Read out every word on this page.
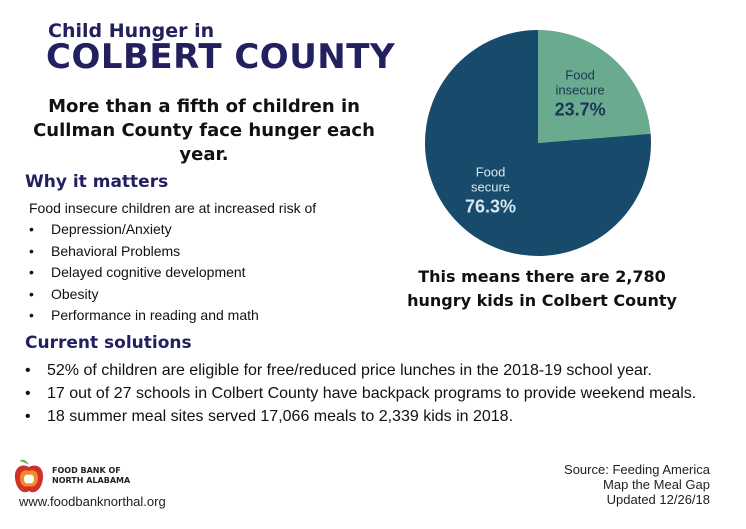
Child Hunger in
COLBERT COUNTY
More than a fifth of children in Cullman County face hunger each year.
Why it matters
Food insecure children are at increased risk of
• Depression/Anxiety
• Behavioral Problems
• Delayed cognitive development
• Obesity
• Performance in reading and math
Current solutions
• 52% of children are eligible for free/reduced price lunches in the 2018-19 school year.
• 17 out of 27 schools in Colbert County have backpack programs to provide weekend meals.
• 18 summer meal sites served 17,066 meals to 2,339 kids in 2018.
Food
insecure
23.7%
Food
secure
76.3%
This means there are 2,780 hungry kids in Colbert County
FOOD BANK OF
NORTH ALABAMA
www.foodbanknorthal.org
Source: Feeding America
Map the Meal Gap
Updated 12/26/18
